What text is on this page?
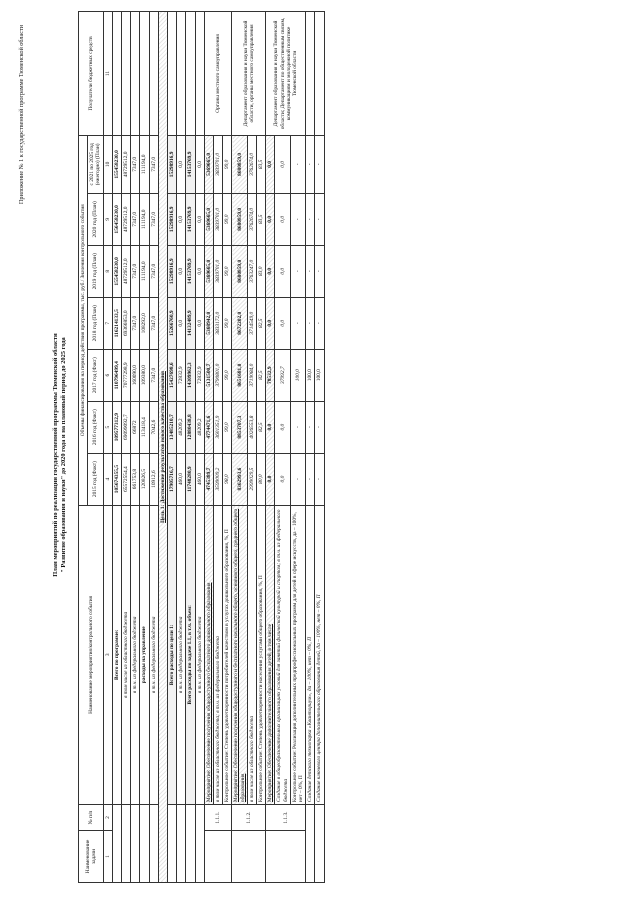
Приложение № 1 к государственной программе Тюменской области
План мероприятий по реализации государственной программы Тюменской области " Развитие образования и науки" до 2020 года и на плановый период до 2025 года
Наименование задачи	№ п/п	Наименование мероприятия/контрольного события	Объемы финансирования на период действия программы, тыс. руб./ Значения контрольного события							Получатели бюджетных средств
			2015 год (Факт)	2016 год (Факт)	2017 год (Факт)	2018 год (План)	2019 год (План)	2020 год (План)	с 2021 по 2025 год (ежегодно) (План)	
1	2	3	4	5	6	7	8	9	10	11
		Всего по программе:	105674355,5	109577312,9	110796499,4	116214133,5	155458230,0	156458230,0	155458230,0	
		в том числе из областного бюджета	65572554,4	69099092,7	70777298,9	69366853,0	48729512,0	48729512,0	48729512,0	
		в т.ч. из федерального бюджета	661753,8	66872	160090,0	7347,0	7347,0	7347,0	7347,0	
		расходы на управление	120826,5	113418,4	109380,0	108292,0	111194,0	111194,0	111194,0	
		в т.ч. из федерального бюджета	10912,6	7042,6	7347,0	7347,0	7347,0	7347,0	7347,0	
Цель 1: Достижение результатов нового качества образования										
		Всего расходы по цели 1:	17905716,7	13485210,7	15427698,6	15266760,9	15298916,9	15298916,9	15298916,9	
		в т.ч. из федерального бюджета	460,0	48209,2	72832,9	0,0	0,0	0,0	0,0	
		Всего расходы по задаче 1.1, в т.ч. объем:	11748280,9	12880438,8	14309962,3	14132489,9	14153769,9	14153769,9	14153769,9	
		в т.ч. из федерального бюджета	460,0	48209,2	72832,9	0,0	0,0	0,0	0,0	
	1.1.1.	Мероприятие: Обеспечение получения общедоступного бесплатного дошкольного образования	4745389,7	4774471,6	5131500,7	5368942,0	5369665,0	5369665,0	5369665,0	Органы местного самоуправления
		в том числе из областного бюджета; в т.ч. из федерального бюджета	3599009,2	3601351,9	3790801,0	3833172,0	3839701,0	3839701,0	3839701,0	
		Контрольное событие: Степень удовлетворенности потребителей качеством в услугах дошкольного образования, %, П	98,0	99,0	99,0	99,0	99,0	99,0	99,0	
	1.1.2.	Мероприятие: Обеспечение получения общедоступного и бесплатного начального общего, основного общего, среднего общего образования	8362993,6	8853707,3	8651681,0	8672202,0	8680859,0	8680859,0	8680859,0	Департамент образования и науки Тюменской области, органы местного самоуправления
		в том числе из областного бюджета	2999029,5	4026553,8	3719084,0	3714549,0	3763247,0	3762674,0	3762674,0	
		Контрольное событие: Степень удовлетворенности населения услугами общего образования, %, П	80,0	82,5	82,5	82,5	83,0	83,5	83,5	
	1.1.3.	Мероприятие: Обеспечение дополнительного образования детей, в том числе	0,0	0,0	78532,9	0,0	0,0	0,0	0,0	Департамент образования и науки Тюменской области; Департамент по общественным связям, коммуникациям и молодежной политике Тюменской области
		Создание в общеобразовательных организациях условий для занятий физической культурой и спортом; в т.ч. из федерального бюджета	0,0	0,0	37992,7	0,0	0,0	0,0	0,0	
		Контрольное событие: Реализация дополнительных предпрофессиональных программ для детей в сфере искусств, да – 100%, нет – 0%, П	-	-	100,0	-	-	-	-	
		Создание детского технопарка «Кванториум», да – 100%, нет – 0%, П	-	-	100,0	-	-	-	-	
		Создание ключевого центра дополнительного образования детей, да – 100%, нет – 0%, П	-	-	100,0	-	-	-	-	
